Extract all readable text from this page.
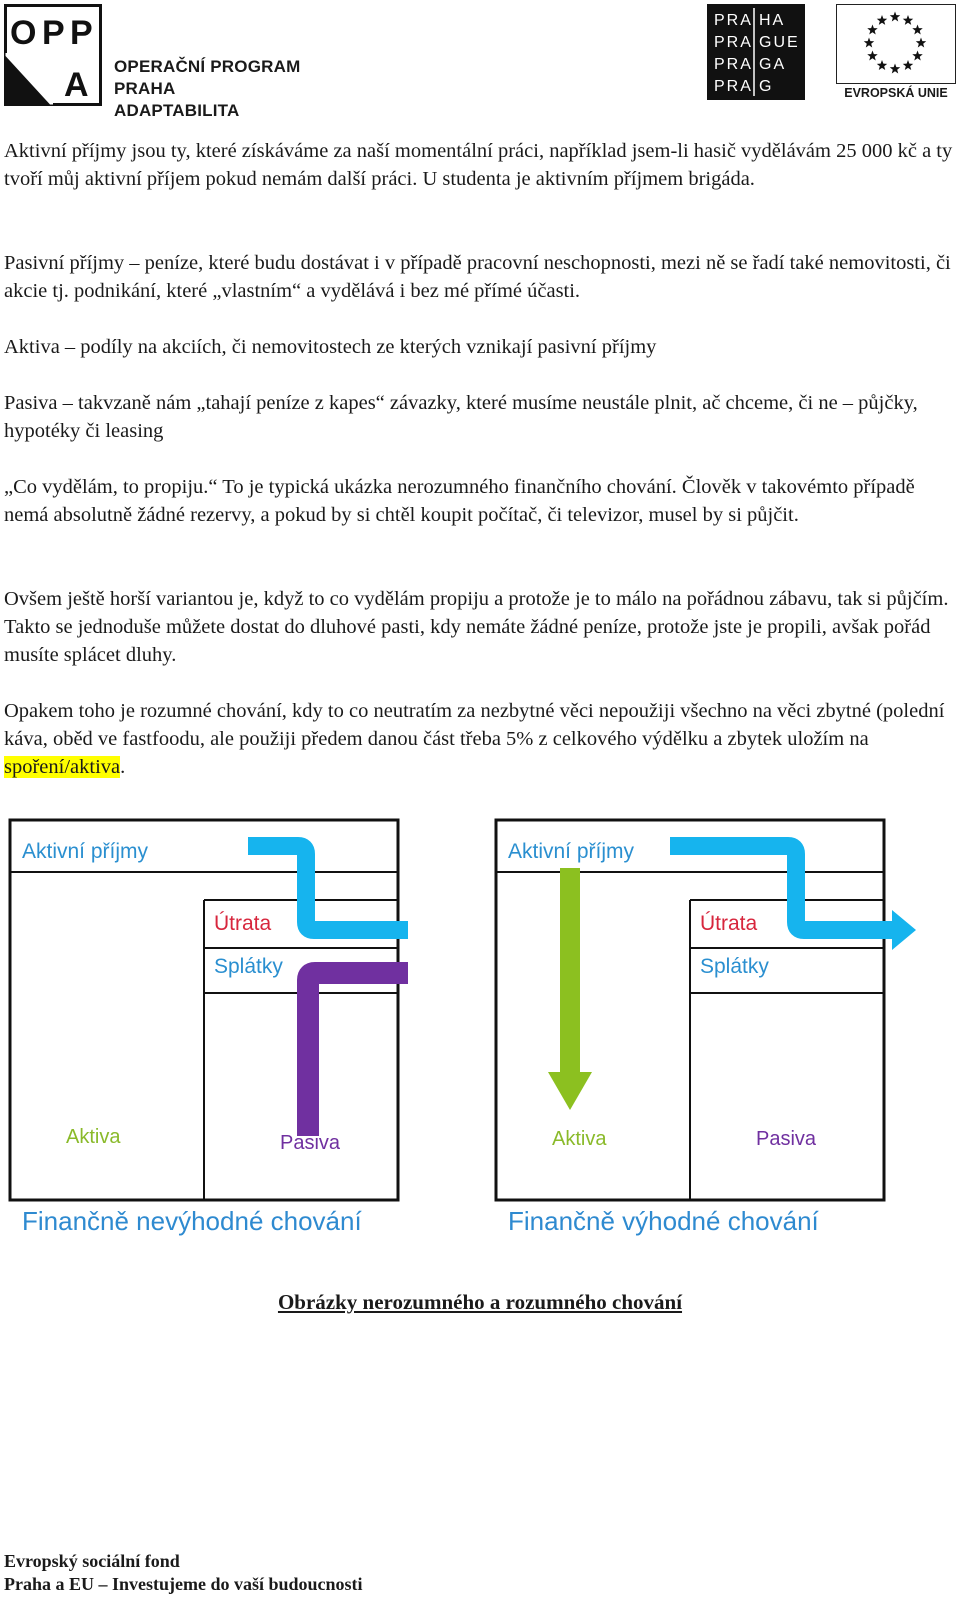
O P P
A OPERAČNÍ PROGRAM PRAHA
ADAPTABILITA
PRA HA
PRA GUE
PRA GA
PRA G	EVROPSKÁ UNIE

Aktivní příjmy jsou ty, které získáváme za naší momentální práci, například jsem-li hasič vydělávám 25 000 kč a ty tvoří můj aktivní příjem pokud nemám další práci. U studenta je aktivním příjmem brigáda.

Pasivní příjmy – peníze, které budu dostávat i v případě pracovní neschopnosti, mezi ně se řadí také nemovitosti, či akcie tj. podnikání, které „vlastním“ a vydělává i bez mé přímé účasti.

Aktiva – podíly na akciích, či nemovitostech ze kterých vznikají pasivní příjmy

Pasiva – takvzaně nám „tahají peníze z kapes“ závazky, které musíme neustále plnit, ač chceme, či ne – půjčky, hypotéky či leasing

„Co vydělám, to propiju.“ To je typická ukázka nerozumného finančního chování. Člověk v takovémto případě nemá absolutně žádné rezervy, a pokud by si chtěl koupit počítač, či televizor, musel by si půjčit.

Ovšem ještě horší variantou je, když to co vydělám propiju a protože je to málo na pořádnou zábavu, tak si půjčím. Takto se jednoduše můžete dostat do dluhové pasti, kdy nemáte žádné peníze, protože jste je propili, avšak pořád musíte splácet dluhy.

Opakem toho je rozumné chování, kdy to co neutratím za nezbytné věci nepoužiji všechno na věci zbytné (polední káva, oběd ve fastfoodu, ale použiji předem danou část třeba 5% z celkového výdělku a zbytek uložím na spoření/aktiva.

Aktivní příjmy
Útrata
Splátky
Aktiva	Pasiva
Finančně nevýhodné chování
Aktivní příjmy
Útrata
Splátky
Aktiva	Pasiva
Finančně výhodné chování
Obrázky nerozumného a rozumného chování
Evropský sociální fond
Praha a EU – Investujeme do vaší budoucnosti
